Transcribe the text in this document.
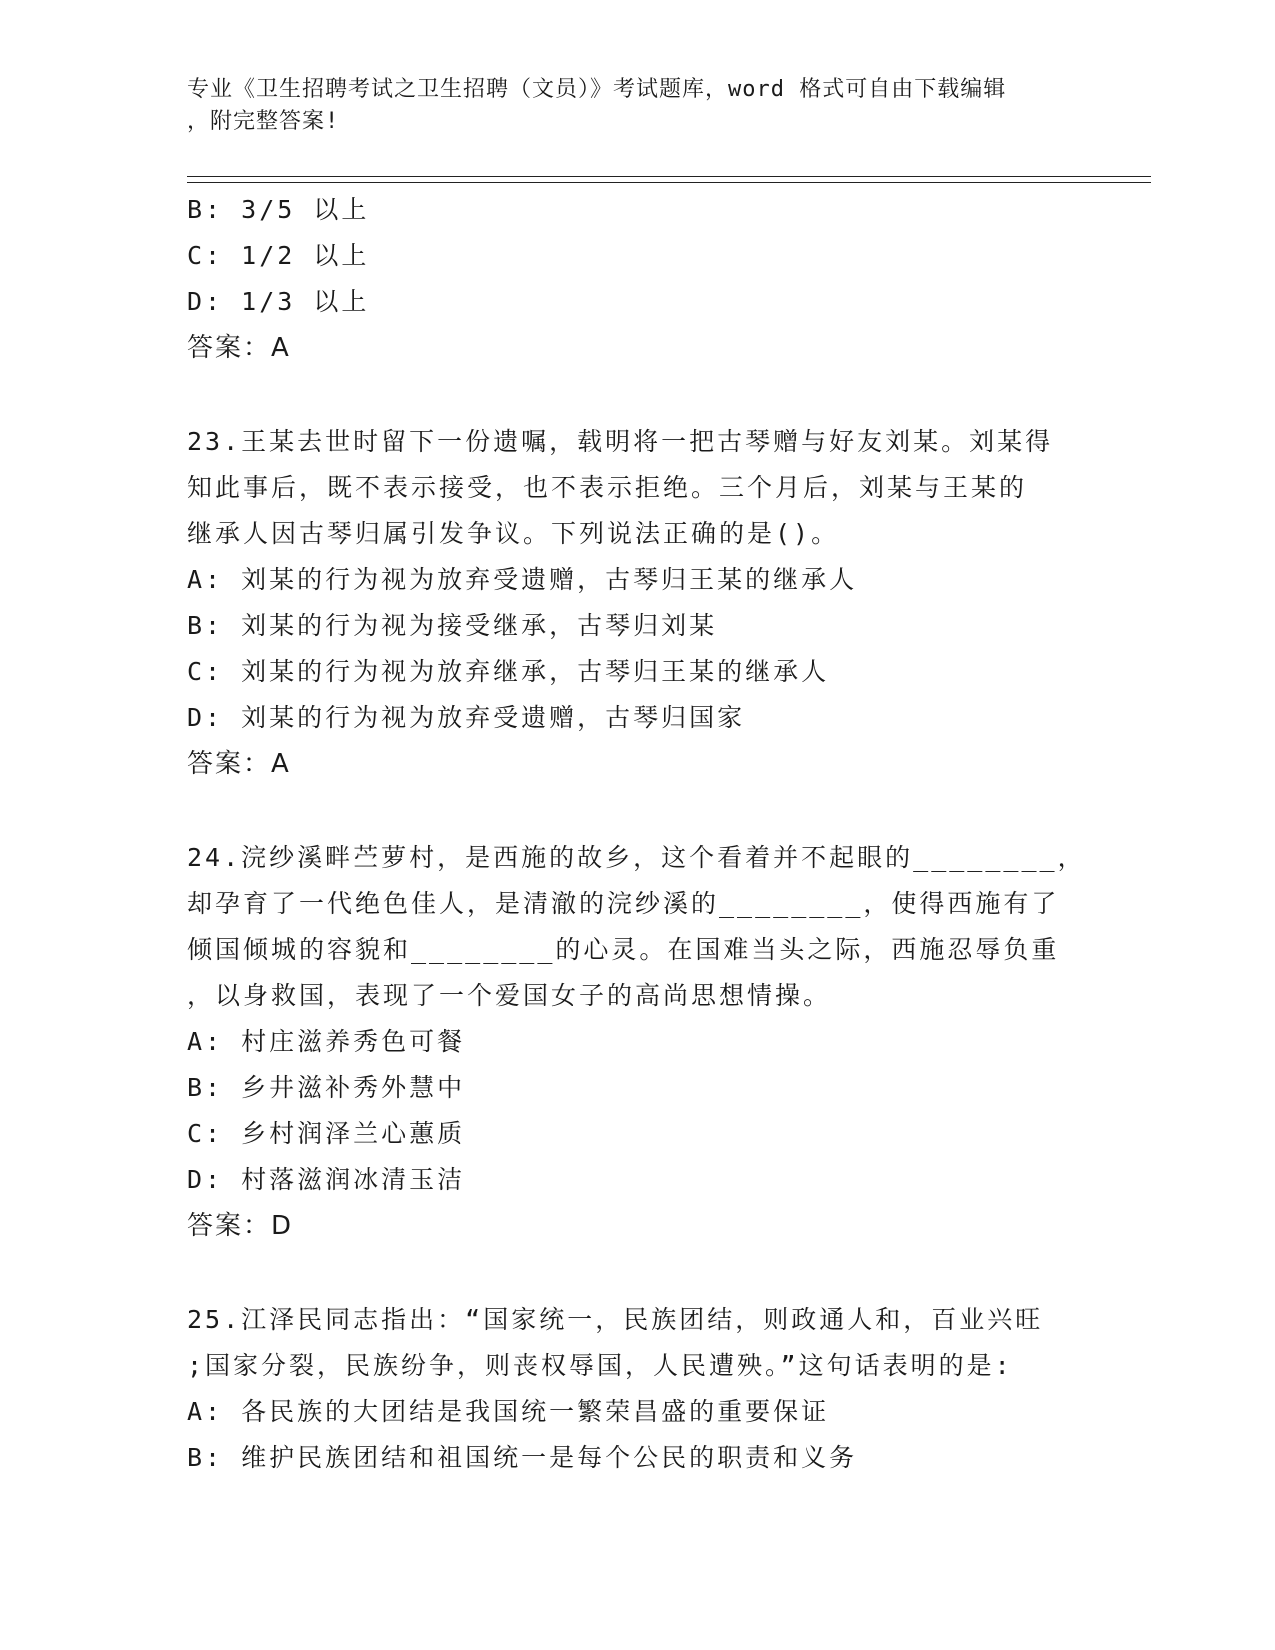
专业《卫生招聘考试之卫生招聘（文员）》考试题库，word 格式可自由下载编辑
，附完整答案!
B: 3/5 以上
C: 1/2 以上
D: 1/3 以上
答案：A
23.王某去世时留下一份遗嘱，载明将一把古琴赠与好友刘某。刘某得
知此事后，既不表示接受，也不表示拒绝。三个月后，刘某与王某的
继承人因古琴归属引发争议。下列说法正确的是()。
A: 刘某的行为视为放弃受遗赠，古琴归王某的继承人
B: 刘某的行为视为接受继承，古琴归刘某
C: 刘某的行为视为放弃继承，古琴归王某的继承人
D: 刘某的行为视为放弃受遗赠，古琴归国家
答案：A
24.浣纱溪畔苎萝村，是西施的故乡，这个看着并不起眼的________，
却孕育了一代绝色佳人，是清澈的浣纱溪的________，使得西施有了
倾国倾城的容貌和________的心灵。在国难当头之际，西施忍辱负重
，以身救国，表现了一个爱国女子的高尚思想情操。
A: 村庄滋养秀色可餐
B: 乡井滋补秀外慧中
C: 乡村润泽兰心蕙质
D: 村落滋润冰清玉洁
答案：D
25.江泽民同志指出：“国家统一，民族团结，则政通人和，百业兴旺
;国家分裂，民族纷争，则丧权辱国，人民遭殃。”这句话表明的是:
A: 各民族的大团结是我国统一繁荣昌盛的重要保证
B: 维护民族团结和祖国统一是每个公民的职责和义务
